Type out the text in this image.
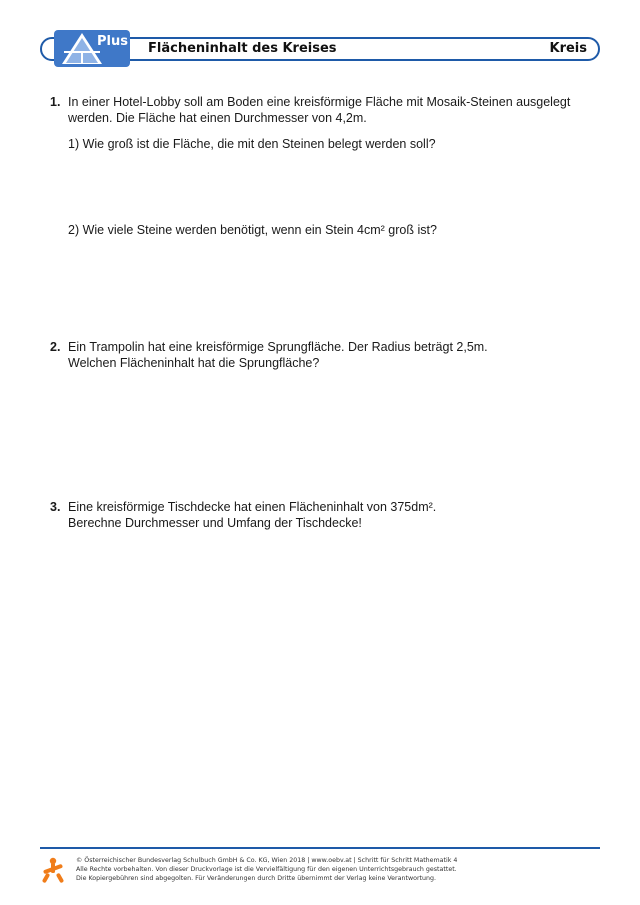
Plus Flächeninhalt des Kreises	Kreis
1. In einer Hotel-Lobby soll am Boden eine kreisförmige Fläche mit Mosaik-Steinen ausgelegt
werden. Die Fläche hat einen Durchmesser von 4,2m.
1) Wie groß ist die Fläche, die mit den Steinen belegt werden soll?
2) Wie viele Steine werden benötigt, wenn ein Stein 4cm² groß ist?
2. Ein Trampolin hat eine kreisförmige Sprungfläche. Der Radius beträgt 2,5m.
Welchen Flächeninhalt hat die Sprungfläche?
3. Eine kreisförmige Tischdecke hat einen Flächeninhalt von 375dm².
Berechne Durchmesser und Umfang der Tischdecke!
© Österreichischer Bundesverlag Schulbuch GmbH & Co. KG, Wien 2018 | www.oebv.at | Schritt für Schritt Mathematik 4
Alle Rechte vorbehalten. Von dieser Druckvorlage ist die Vervielfältigung für den eigenen Unterrichtsgebrauch gestattet.
Die Kopiergebühren sind abgegolten. Für Veränderungen durch Dritte übernimmt der Verlag keine Verantwortung.
